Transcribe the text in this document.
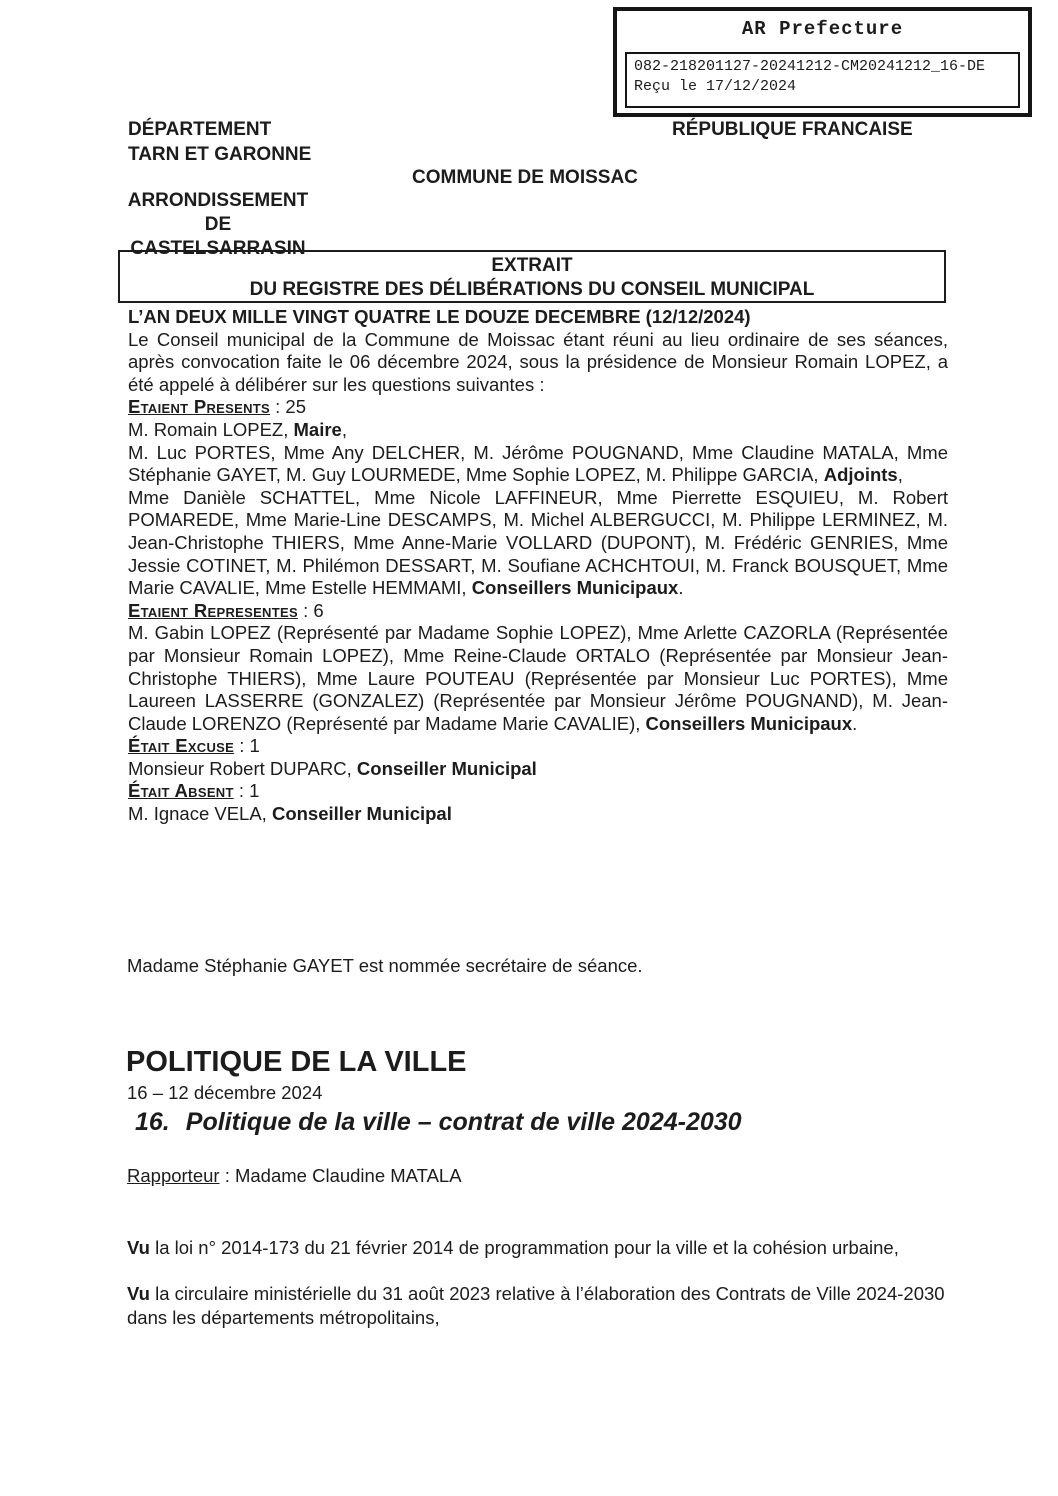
AR Prefecture
082-218201127-20241212-CM20241212_16-DE
Reçu le 17/12/2024
DÉPARTEMENT
TARN ET GARONNE
RÉPUBLIQUE FRANCAISE
COMMUNE DE MOISSAC
ARRONDISSEMENT
DE
CASTELSARRASIN
EXTRAIT
DU REGISTRE DES DÉLIBÉRATIONS DU CONSEIL MUNICIPAL

L’AN DEUX MILLE VINGT QUATRE LE DOUZE DECEMBRE (12/12/2024)

Le Conseil municipal de la Commune de Moissac étant réuni au lieu ordinaire de ses séances, après convocation faite le 06 décembre 2024, sous la présidence de Monsieur Romain LOPEZ, a été appelé à délibérer sur les questions suivantes :

Etaient Presents : 25

M. Romain LOPEZ, Maire,

M. Luc PORTES, Mme Any DELCHER, M. Jérôme POUGNAND, Mme Claudine MATALA, Mme Stéphanie GAYET, M. Guy LOURMEDE, Mme Sophie LOPEZ, M. Philippe GARCIA, Adjoints,

Mme Danièle SCHATTEL, Mme Nicole LAFFINEUR, Mme Pierrette ESQUIEU, M. Robert POMAREDE, Mme Marie-Line DESCAMPS, M. Michel ALBERGUCCI, M. Philippe LERMINEZ, M. Jean-Christophe THIERS, Mme Anne-Marie VOLLARD (DUPONT), M. Frédéric GENRIES, Mme Jessie COTINET, M. Philémon DESSART, M. Soufiane ACHCHTOUI, M. Franck BOUSQUET, Mme Marie CAVALIE, Mme Estelle HEMMAMI, Conseillers Municipaux.

Etaient Representes : 6

M. Gabin LOPEZ (Représenté par Madame Sophie LOPEZ), Mme Arlette CAZORLA (Représentée par Monsieur Romain LOPEZ), Mme Reine-Claude ORTALO (Représentée par Monsieur Jean-Christophe THIERS), Mme Laure POUTEAU (Représentée par Monsieur Luc PORTES), Mme Laureen LASSERRE (GONZALEZ) (Représentée par Monsieur Jérôme POUGNAND), M. Jean-Claude LORENZO (Représenté par Madame Marie CAVALIE), Conseillers Municipaux.

Était Excuse : 1

Monsieur Robert DUPARC, Conseiller Municipal

Était Absent : 1

M. Ignace VELA, Conseiller Municipal

Madame Stéphanie GAYET est nommée secrétaire de séance.
POLITIQUE DE LA VILLE
16 – 12 décembre 2024
16. Politique de la ville – contrat de ville 2024-2030
Rapporteur : Madame Claudine MATALA
Vu la loi n° 2014-173 du 21 février 2014 de programmation pour la ville et la cohésion urbaine,
Vu la circulaire ministérielle du 31 août 2023 relative à l’élaboration des Contrats de Ville 2024-2030 dans les départements métropolitains,
